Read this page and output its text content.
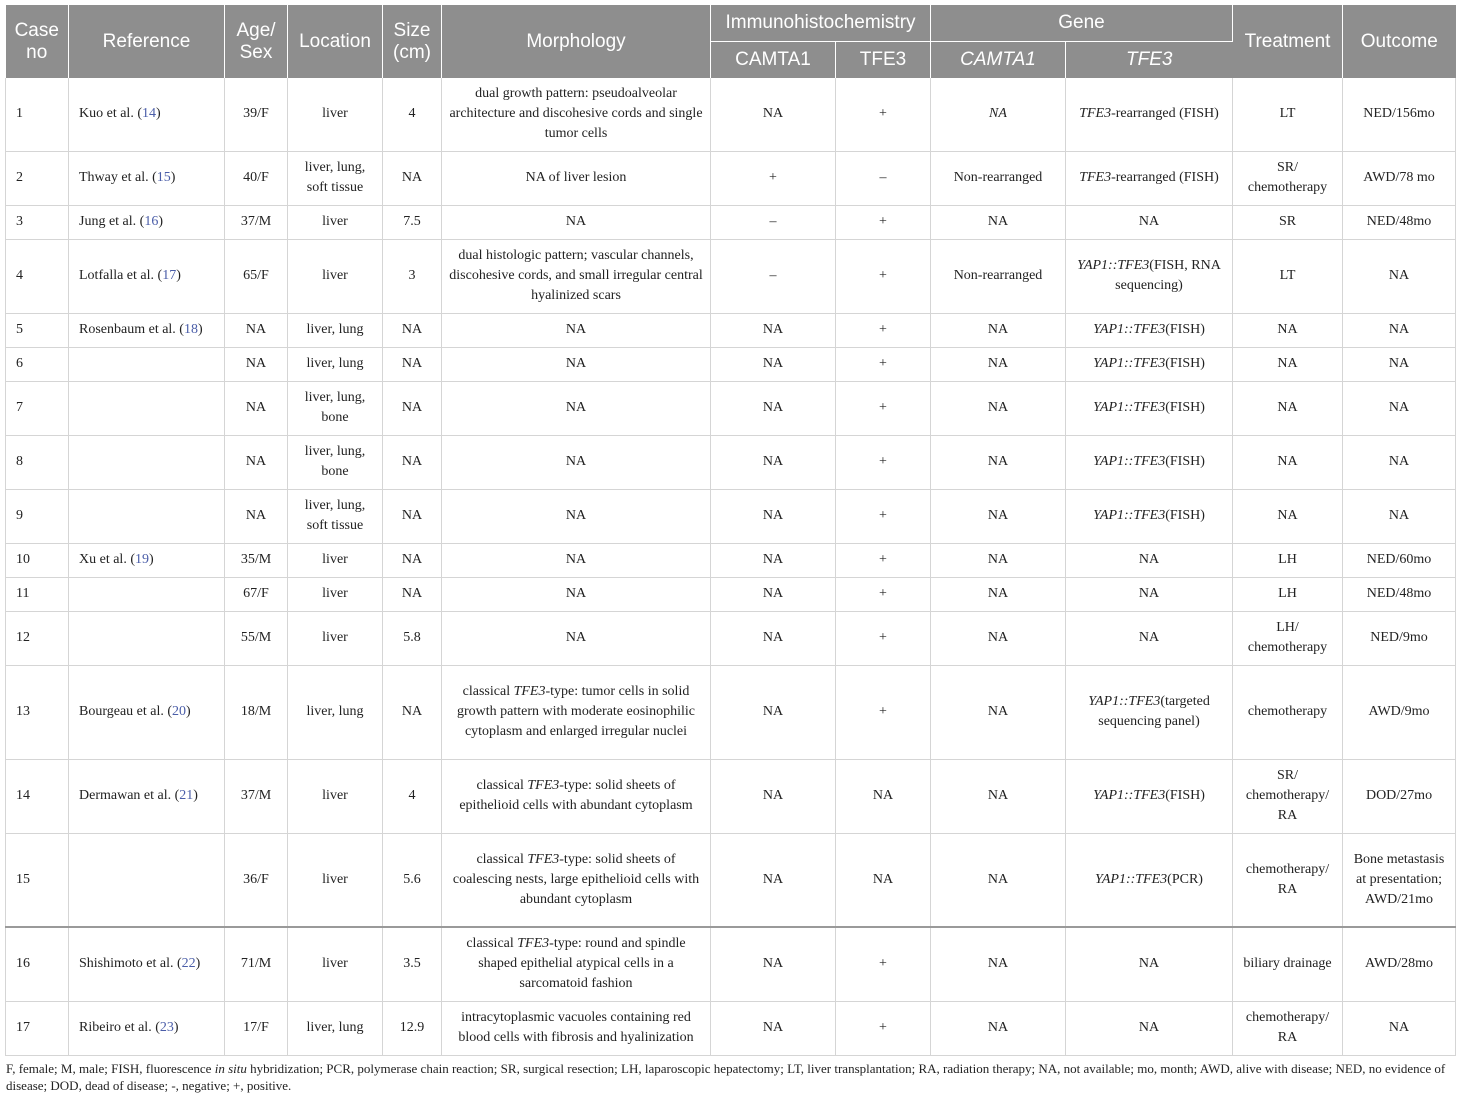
Case no	Reference	Age/ Sex	Location	Size (cm)	Morphology	Immunohistochemistry		Gene		Treatment	Outcome
						CAMTA1	TFE3	CAMTA1	TFE3		
1	Kuo et al. (14)	39/F	liver	4	dual growth pattern: pseudoalveolar architecture and discohesive cords and single tumor cells	NA	+	NA	TFE3-rearranged (FISH)	LT	NED/156mo
2	Thway et al. (15)	40/F	liver, lung, soft tissue	NA	NA of liver lesion	+	–	Non-rearranged	TFE3-rearranged (FISH)	SR/ chemotherapy	AWD/78 mo
3	Jung et al. (16)	37/M	liver	7.5	NA	–	+	NA	NA	SR	NED/48mo
4	Lotfalla et al. (17)	65/F	liver	3	dual histologic pattern; vascular channels, discohesive cords, and small irregular central hyalinized scars	–	+	Non-rearranged	YAP1::TFE3(FISH, RNA sequencing)	LT	NA
5	Rosenbaum et al. (18)	NA	liver, lung	NA	NA	NA	+	NA	YAP1::TFE3(FISH)	NA	NA
6		NA	liver, lung	NA	NA	NA	+	NA	YAP1::TFE3(FISH)	NA	NA
7		NA	liver, lung, bone	NA	NA	NA	+	NA	YAP1::TFE3(FISH)	NA	NA
8		NA	liver, lung, bone	NA	NA	NA	+	NA	YAP1::TFE3(FISH)	NA	NA
9		NA	liver, lung, soft tissue	NA	NA	NA	+	NA	YAP1::TFE3(FISH)	NA	NA
10	Xu et al. (19)	35/M	liver	NA	NA	NA	+	NA	NA	LH	NED/60mo
11		67/F	liver	NA	NA	NA	+	NA	NA	LH	NED/48mo
12		55/M	liver	5.8	NA	NA	+	NA	NA	LH/ chemotherapy	NED/9mo
13	Bourgeau et al. (20)	18/M	liver, lung	NA	classical TFE3-type: tumor cells in solid growth pattern with moderate eosinophilic cytoplasm and enlarged irregular nuclei	NA	+	NA	YAP1::TFE3(targeted sequencing panel)	chemotherapy	AWD/9mo
14	Dermawan et al. (21)	37/M	liver	4	classical TFE3-type: solid sheets of epithelioid cells with abundant cytoplasm	NA	NA	NA	YAP1::TFE3(FISH)	SR/ chemotherapy/ RA	DOD/27mo
15		36/F	liver	5.6	classical TFE3-type: solid sheets of coalescing nests, large epithelioid cells with abundant cytoplasm	NA	NA	NA	YAP1::TFE3(PCR)	chemotherapy/ RA	Bone metastasis at presentation; AWD/21mo
16	Shishimoto et al. (22)	71/M	liver	3.5	classical TFE3-type: round and spindle shaped epithelial atypical cells in a sarcomatoid fashion	NA	+	NA	NA	biliary drainage	AWD/28mo
17	Ribeiro et al. (23)	17/F	liver, lung	12.9	intracytoplasmic vacuoles containing red blood cells with fibrosis and hyalinization	NA	+	NA	NA	chemotherapy/ RA	NA
F, female; M, male; FISH, fluorescence in situ hybridization; PCR, polymerase chain reaction; SR, surgical resection; LH, laparoscopic hepatectomy; LT, liver transplantation; RA, radiation therapy; NA, not available; mo, month; AWD, alive with disease; NED, no evidence of disease; DOD, dead of disease; -, negative; +, positive.
